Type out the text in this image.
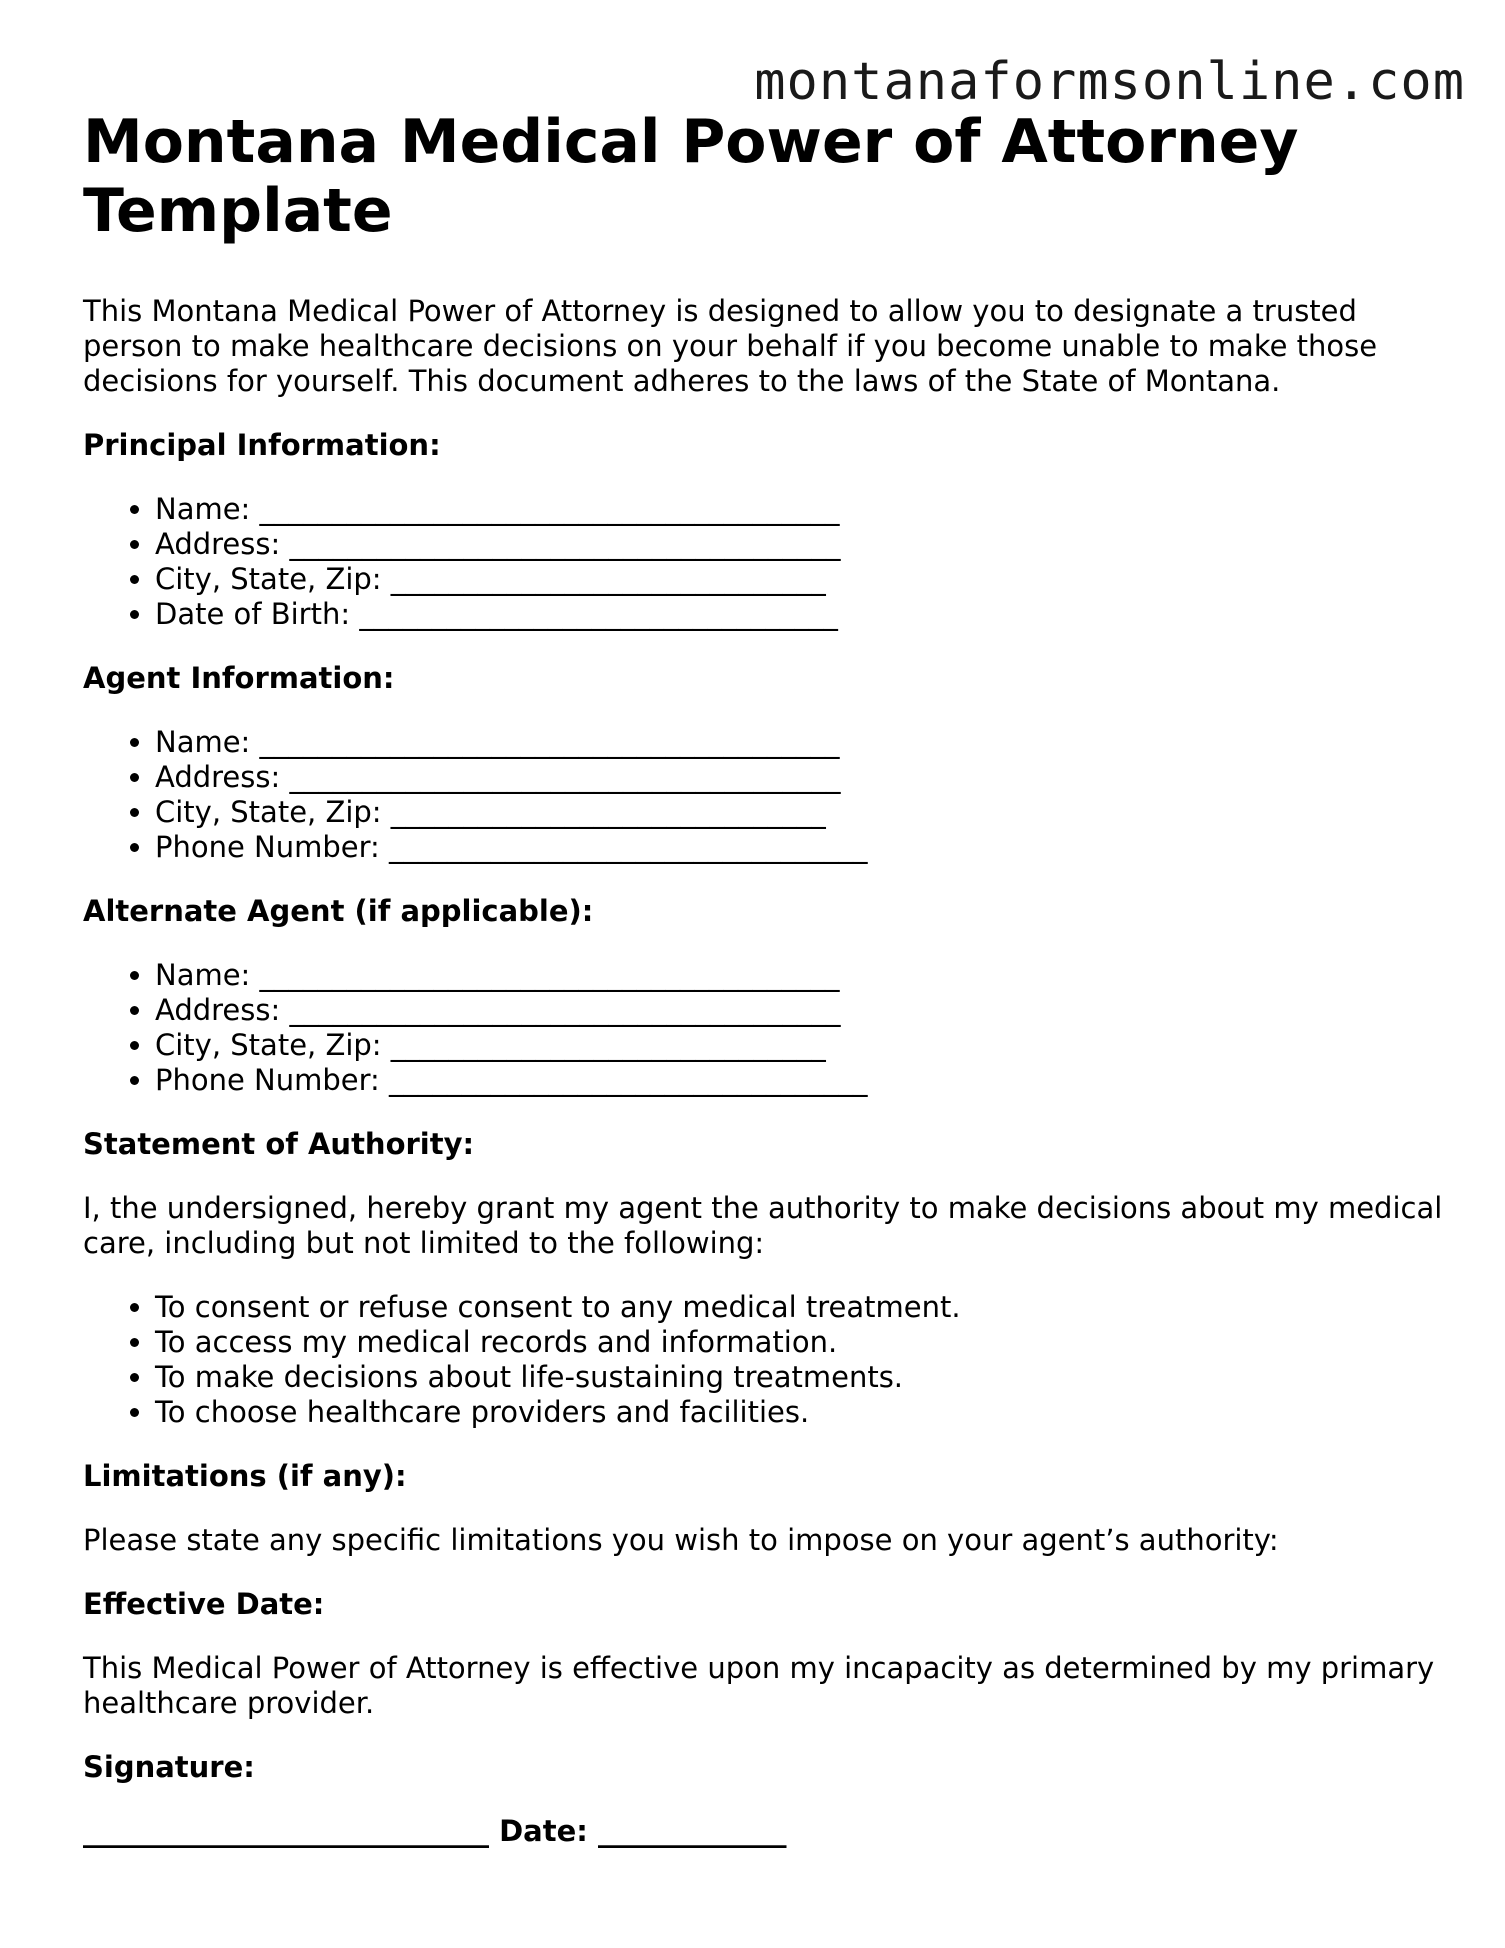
montanaformsonline.com
Montana Medical Power of Attorney Template

This Montana Medical Power of Attorney is designed to allow you to designate a trusted person to make healthcare decisions on your behalf if you become unable to make those decisions for yourself. This document adheres to the laws of the State of Montana.

Principal Information:

• Name: ________________________________________
• Address: ______________________________________
• City, State, Zip: ______________________________
• Date of Birth: _________________________________

Agent Information:

• Name: ________________________________________
• Address: ______________________________________
• City, State, Zip: ______________________________
• Phone Number: _________________________________

Alternate Agent (if applicable):

• Name: ________________________________________
• Address: ______________________________________
• City, State, Zip: ______________________________
• Phone Number: _________________________________

Statement of Authority:

I, the undersigned, hereby grant my agent the authority to make decisions about my medical care, including but not limited to the following:

• To consent or refuse consent to any medical treatment.
• To access my medical records and information.
• To make decisions about life-sustaining treatments.
• To choose healthcare providers and facilities.

Limitations (if any):

Please state any specific limitations you wish to impose on your agent’s authority:

Effective Date:

This Medical Power of Attorney is effective upon my incapacity as determined by my primary healthcare provider.

Signature:

____________________________ Date: _____________
